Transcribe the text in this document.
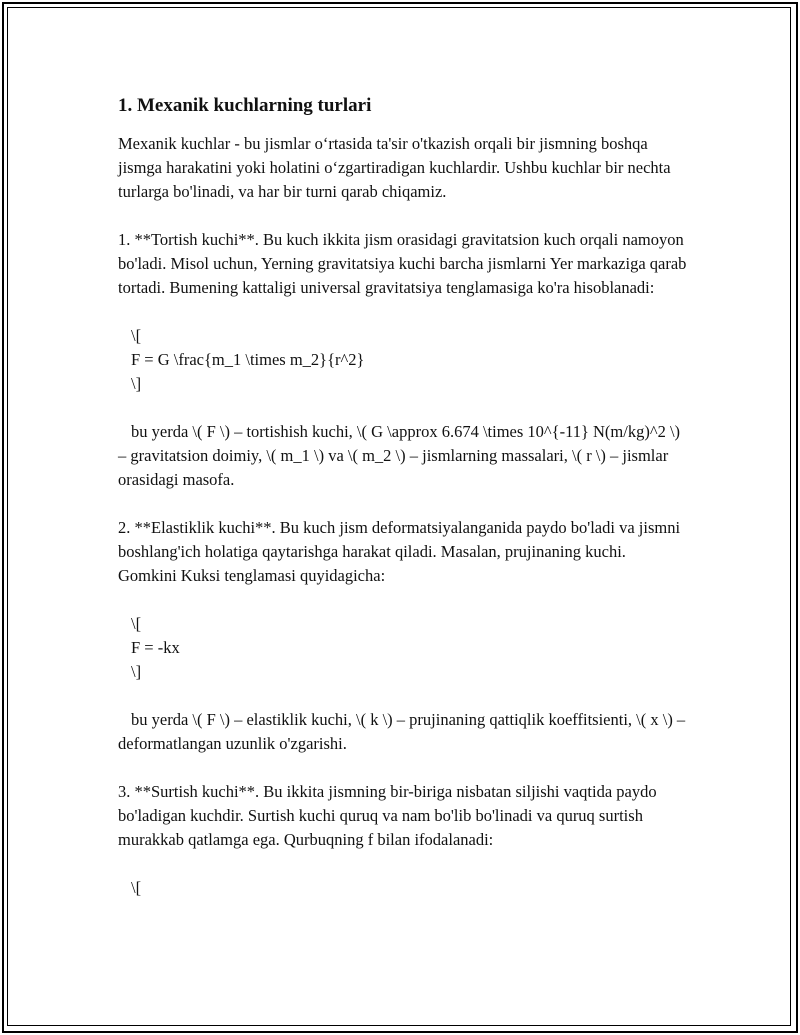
1. Mexanik kuchlarning turlari

Mexanik kuchlar - bu jismlar o‘rtasida ta'sir o'tkazish orqali bir jismning boshqa jismga harakatini yoki holatini o‘zgartiradigan kuchlardir. Ushbu kuchlar bir nechta turlarga bo'linadi, va har bir turni qarab chiqamiz.

1. **Tortish kuchi**. Bu kuch ikkita jism orasidagi gravitatsion kuch orqali namoyon bo'ladi. Misol uchun, Yerning gravitatsiya kuchi barcha jismlarni Yer markaziga qarab tortadi. Bumening kattaligi universal gravitatsiya tenglamasiga ko'ra hisoblanadi:

\[
F = G \frac{m_1 \times m_2}{r^2}
\]

bu yerda \( F \) – tortishish kuchi, \( G \approx 6.674 \times 10^{-11} N(m/kg)^2 \) – gravitatsion doimiy, \( m_1 \) va \( m_2 \) – jismlarning massalari, \( r \) – jismlar orasidagi masofa.

2. **Elastiklik kuchi**. Bu kuch jism deformatsiyalanganida paydo bo'ladi va jismni boshlang'ich holatiga qaytarishga harakat qiladi. Masalan, prujinaning kuchi. Gomkini Kuksi tenglamasi quyidagicha:

\[
F = -kx
\]

bu yerda \( F \) – elastiklik kuchi, \( k \) – prujinaning qattiqlik koeffitsienti, \( x \) – deformatlangan uzunlik o'zgarishi.

3. **Surtish kuchi**. Bu ikkita jismning bir-biriga nisbatan siljishi vaqtida paydo bo'ladigan kuchdir. Surtish kuchi quruq va nam bo'lib bo'linadi va quruq surtish murakkab qatlamga ega. Qurbuqning f bilan ifodalanadi:

\[
